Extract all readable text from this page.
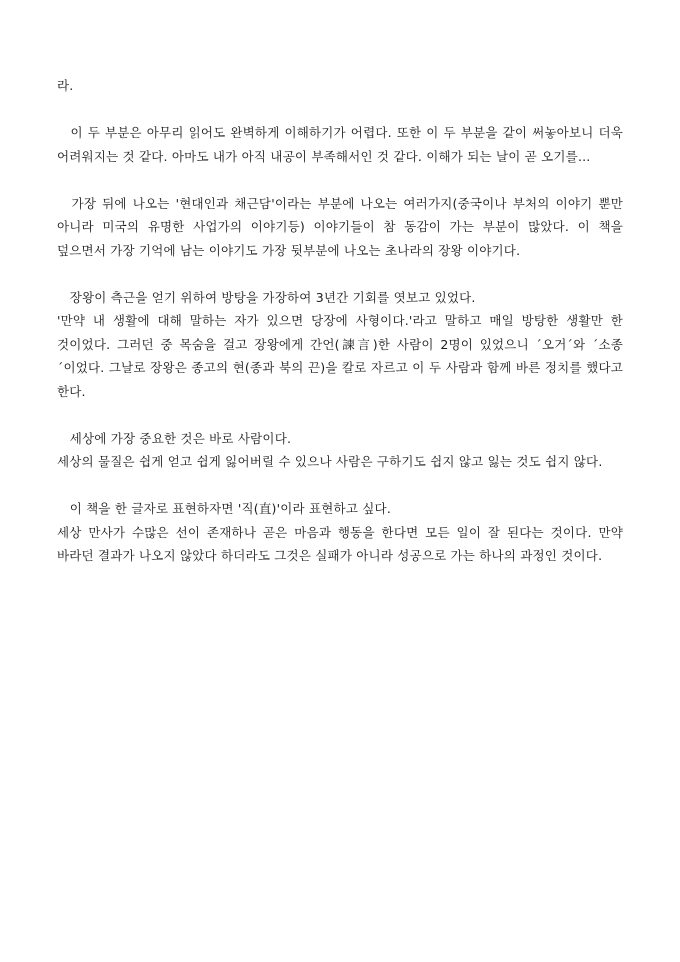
라.

　이 두 부분은 아무리 읽어도 완벽하게 이해하기가 어렵다. 또한 이 두 부분을 같이 써놓아보니 더욱 어려워지는 것 같다. 아마도 내가 아직 내공이 부족해서인 것 같다. 이해가 되는 날이 곧 오기를...

　가장 뒤에 나오는 '현대인과 채근담'이라는 부분에 나오는 여러가지(중국이나 부처의 이야기 뿐만 아니라 미국의 유명한 사업가의 이야기등) 이야기들이 참 동감이 가는 부분이 많았다. 이 책을 덮으면서 가장 기억에 남는 이야기도 가장 뒷부분에 나오는 초나라의 장왕 이야기다.

　장왕이 측근을 얻기 위하여 방탕을 가장하여 3년간 기회를 엿보고 있었다.

'만약 내 생활에 대해 말하는 자가 있으면 당장에 사형이다.'라고 말하고 매일 방탕한 생활만 한 것이었다. 그러던 중 목숨을 걸고 장왕에게 간언(諫言)한 사람이 2명이 있었으니 ´오거´와 ´소종´이었다. 그날로 장왕은 종고의 현(종과 북의 끈)을 칼로 자르고 이 두 사람과 함께 바른 정치를 했다고 한다.

　세상에 가장 중요한 것은 바로 사람이다.

세상의 물질은 쉽게 얻고 쉽게 잃어버릴 수 있으나 사람은 구하기도 쉽지 않고 잃는 것도 쉽지 않다.

　이 책을 한 글자로 표현하자면 '직(直)'이라 표현하고 싶다.

세상 만사가 수많은 선이 존재하나 곧은 마음과 행동을 한다면 모든 일이 잘 된다는 것이다. 만약 바라던 결과가 나오지 않았다 하더라도 그것은 실패가 아니라 성공으로 가는 하나의 과정인 것이다.
